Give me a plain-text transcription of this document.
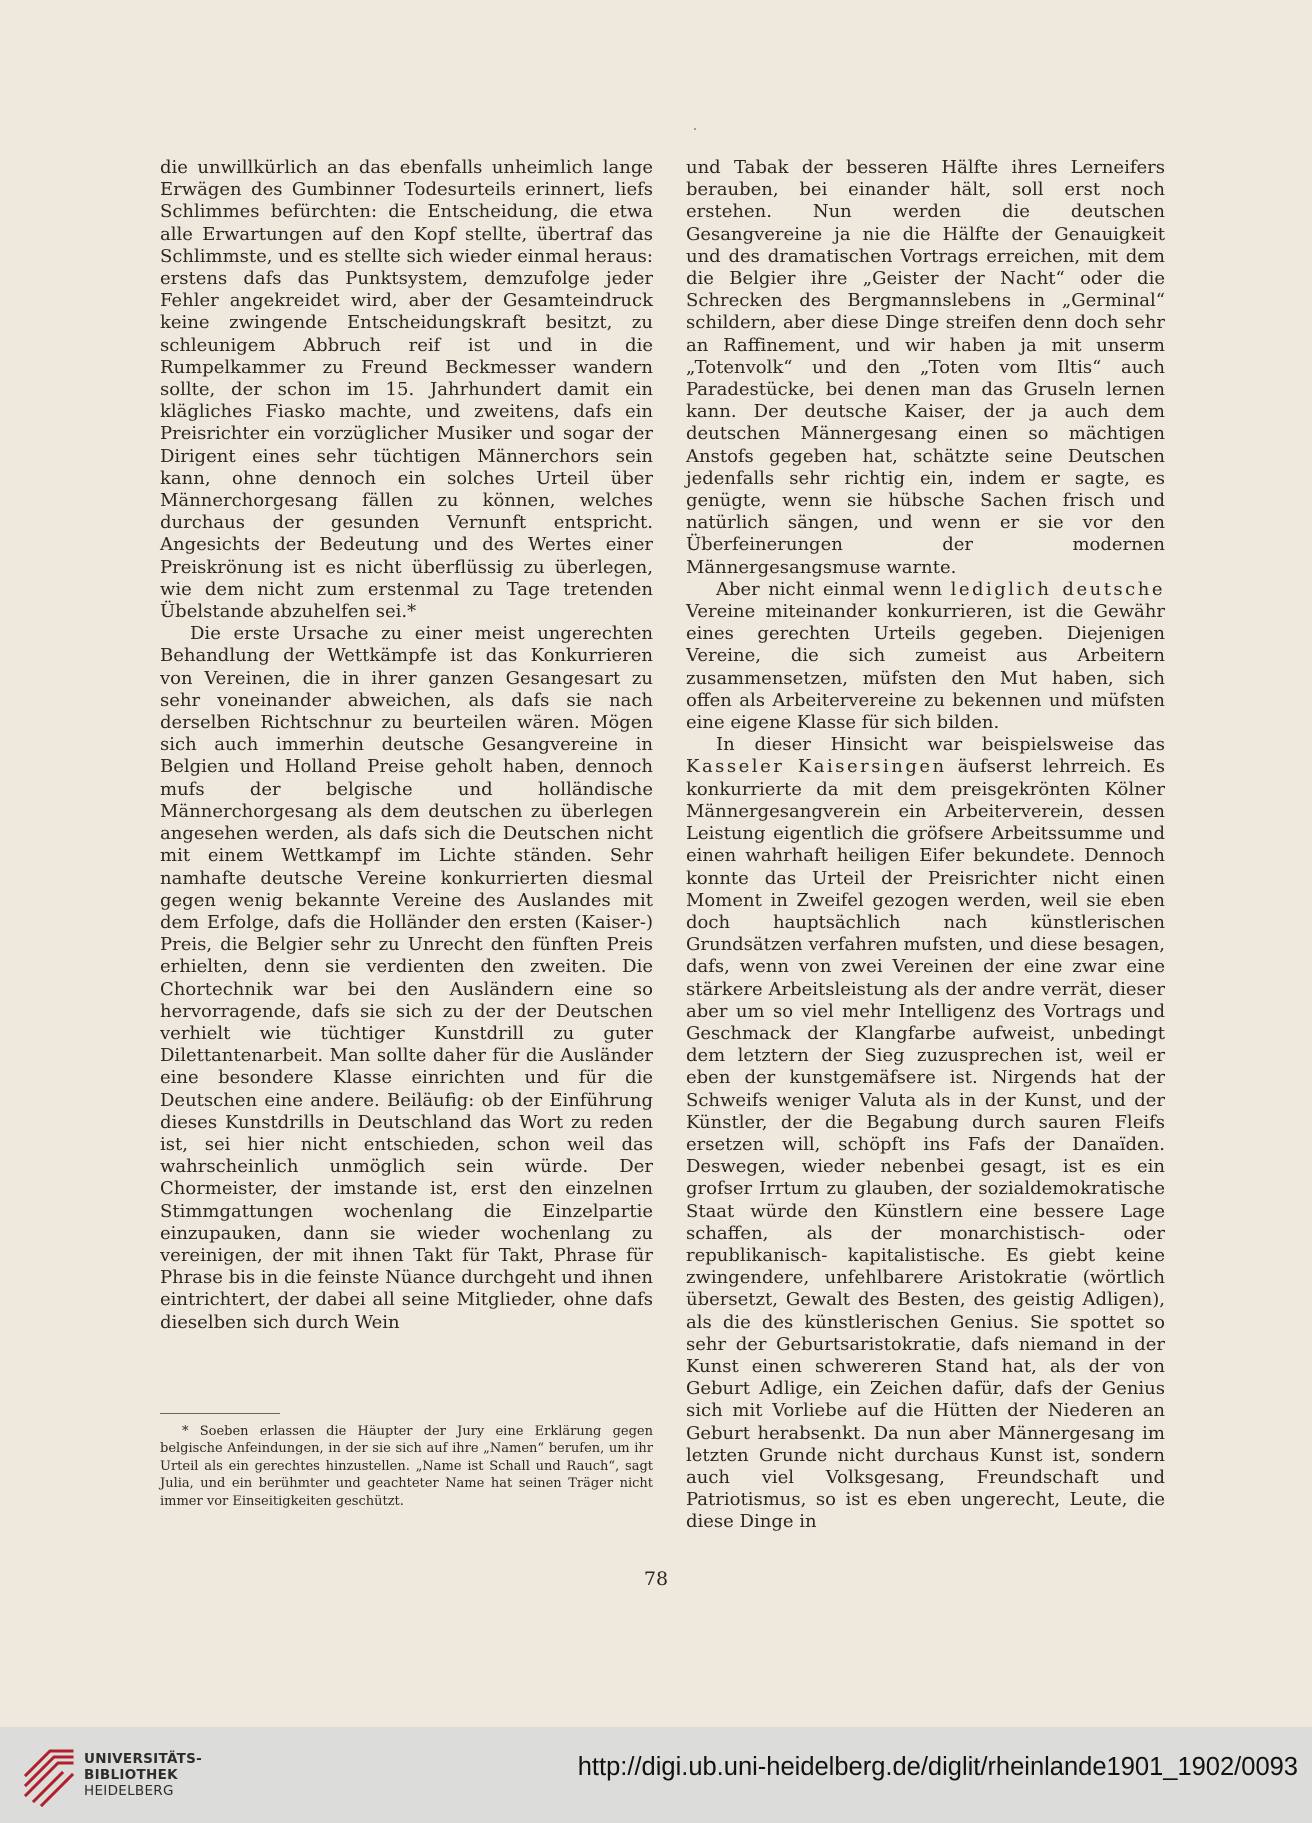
die unwillkürlich an das ebenfalls unheimlich lange Erwägen des Gumbinner Todesurteils erinnert, liefs Schlimmes befürchten: die Entscheidung, die etwa alle Erwartungen auf den Kopf stellte, übertraf das Schlimmste, und es stellte sich wieder einmal heraus: erstens dafs das Punktsystem, demzufolge jeder Fehler angekreidet wird, aber der Gesamteindruck keine zwingende Entscheidungskraft besitzt, zu schleunigem Abbruch reif ist und in die Rumpelkammer zu Freund Beckmesser wandern sollte, der schon im 15. Jahrhundert damit ein klägliches Fiasko machte, und zweitens, dafs ein Preisrichter ein vorzüglicher Musiker und sogar der Dirigent eines sehr tüchtigen Männerchors sein kann, ohne dennoch ein solches Urteil über Männerchorgesang fällen zu können, welches durchaus der gesunden Vernunft entspricht. Angesichts der Bedeutung und des Wertes einer Preiskrönung ist es nicht überflüssig zu überlegen, wie dem nicht zum erstenmal zu Tage tretenden Übelstande abzuhelfen sei.*

Die erste Ursache zu einer meist ungerechten Behandlung der Wettkämpfe ist das Konkurrieren von Vereinen, die in ihrer ganzen Gesangesart zu sehr voneinander abweichen, als dafs sie nach derselben Richtschnur zu beurteilen wären. Mögen sich auch immerhin deutsche Gesangvereine in Belgien und Holland Preise geholt haben, dennoch mufs der belgische und holländische Männerchorgesang als dem deutschen zu überlegen angesehen werden, als dafs sich die Deutschen nicht mit einem Wettkampf im Lichte ständen. Sehr namhafte deutsche Vereine konkurrierten diesmal gegen wenig bekannte Vereine des Auslandes mit dem Erfolge, dafs die Holländer den ersten (Kaiser-) Preis, die Belgier sehr zu Unrecht den fünften Preis erhielten, denn sie verdienten den zweiten. Die Chortechnik war bei den Ausländern eine so hervorragende, dafs sie sich zu der der Deutschen verhielt wie tüchtiger Kunstdrill zu guter Dilettantenarbeit. Man sollte daher für die Ausländer eine besondere Klasse einrichten und für die Deutschen eine andere. Beiläufig: ob der Einführung dieses Kunstdrills in Deutschland das Wort zu reden ist, sei hier nicht entschieden, schon weil das wahrscheinlich unmöglich sein würde. Der Chormeister, der imstande ist, erst den einzelnen Stimmgattungen wochenlang die Einzelpartie einzupauken, dann sie wieder wochenlang zu vereinigen, der mit ihnen Takt für Takt, Phrase für Phrase bis in die feinste Nüance durchgeht und ihnen eintrichtert, der dabei all seine Mitglieder, ohne dafs dieselben sich durch Wein

* Soeben erlassen die Häupter der Jury eine Erklärung gegen belgische Anfeindungen, in der sie sich auf ihre „Namen“ berufen, um ihr Urteil als ein gerechtes hinzustellen. „Name ist Schall und Rauch“, sagt Julia, und ein berühmter und geachteter Name hat seinen Träger nicht immer vor Einseitigkeiten geschützt.

und Tabak der besseren Hälfte ihres Lerneifers berauben, bei einander hält, soll erst noch erstehen. Nun werden die deutschen Gesangvereine ja nie die Hälfte der Genauigkeit und des dramatischen Vortrags erreichen, mit dem die Belgier ihre „Geister der Nacht“ oder die Schrecken des Bergmannslebens in „Germinal“ schildern, aber diese Dinge streifen denn doch sehr an Raffinement, und wir haben ja mit unserm „Totenvolk“ und den „Toten vom Iltis“ auch Paradestücke, bei denen man das Gruseln lernen kann. Der deutsche Kaiser, der ja auch dem deutschen Männergesang einen so mächtigen Anstofs gegeben hat, schätzte seine Deutschen jedenfalls sehr richtig ein, indem er sagte, es genügte, wenn sie hübsche Sachen frisch und natürlich sängen, und wenn er sie vor den Überfeinerungen der modernen Männergesangsmuse warnte.

Aber nicht einmal wenn lediglich deutsche Vereine miteinander konkurrieren, ist die Gewähr eines gerechten Urteils gegeben. Diejenigen Vereine, die sich zumeist aus Arbeitern zusammensetzen, müfsten den Mut haben, sich offen als Arbeitervereine zu bekennen und müfsten eine eigene Klasse für sich bilden.

In dieser Hinsicht war beispielsweise das Kasseler Kaisersingen äufserst lehrreich. Es konkurrierte da mit dem preisgekrönten Kölner Männergesangverein ein Arbeiterverein, dessen Leistung eigentlich die gröfsere Arbeitssumme und einen wahrhaft heiligen Eifer bekundete. Dennoch konnte das Urteil der Preisrichter nicht einen Moment in Zweifel gezogen werden, weil sie eben doch hauptsächlich nach künstlerischen Grundsätzen verfahren mufsten, und diese besagen, dafs, wenn von zwei Vereinen der eine zwar eine stärkere Arbeitsleistung als der andre verrät, dieser aber um so viel mehr Intelligenz des Vortrags und Geschmack der Klangfarbe aufweist, unbedingt dem letztern der Sieg zuzusprechen ist, weil er eben der kunstgemäfsere ist. Nirgends hat der Schweifs weniger Valuta als in der Kunst, und der Künstler, der die Begabung durch sauren Fleifs ersetzen will, schöpft ins Fafs der Danaïden. Deswegen, wieder nebenbei gesagt, ist es ein grofser Irrtum zu glauben, der sozialdemokratische Staat würde den Künstlern eine bessere Lage schaffen, als der monarchistisch- oder republikanisch- kapitalistische. Es giebt keine zwingendere, unfehlbarere Aristokratie (wörtlich übersetzt, Gewalt des Besten, des geistig Adligen), als die des künstlerischen Genius. Sie spottet so sehr der Geburtsaristokratie, dafs niemand in der Kunst einen schwereren Stand hat, als der von Geburt Adlige, ein Zeichen dafür, dafs der Genius sich mit Vorliebe auf die Hütten der Niederen an Geburt herabsenkt. Da nun aber Männergesang im letzten Grunde nicht durchaus Kunst ist, sondern auch viel Volksgesang, Freundschaft und Patriotismus, so ist es eben ungerecht, Leute, die diese Dinge in

78
UNIVERSITÄTS-
BIBLIOTHEK
HEIDELBERG
http://digi.ub.uni-heidelberg.de/diglit/rheinlande1901_1902/0093
